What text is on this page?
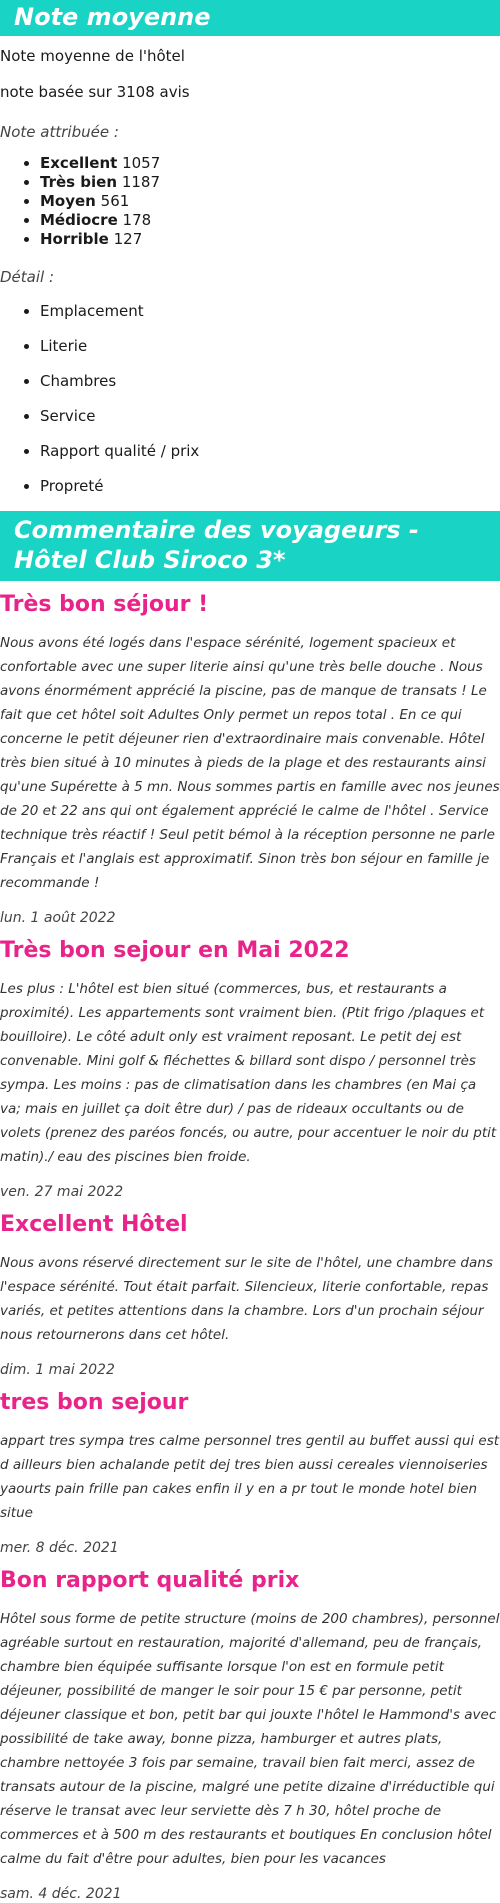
Note moyenne

Note moyenne de l'hôtel

note basée sur 3108 avis

Note attribuée :

• Excellent 1057
• Très bien 1187
• Moyen 561
• Médiocre 178
• Horrible 127

Détail :

• Emplacement
• Literie
• Chambres
• Service
• Rapport qualité / prix
• Propreté
Commentaire des voyageurs - Hôtel Club Siroco 3*
Très bon séjour !

Nous avons été logés dans l'espace sérénité, logement spacieux et confortable avec une super literie ainsi qu'une très belle douche . Nous avons énormément apprécié la piscine, pas de manque de transats ! Le fait que cet hôtel soit Adultes Only permet un repos total . En ce qui concerne le petit déjeuner rien d'extraordinaire mais convenable. Hôtel très bien situé à 10 minutes à pieds de la plage et des restaurants ainsi qu'une Supérette à 5 mn. Nous sommes partis en famille avec nos jeunes de 20 et 22 ans qui ont également apprécié le calme de l'hôtel . Service technique très réactif ! Seul petit bémol à la réception personne ne parle Français et l'anglais est approximatif. Sinon très bon séjour en famille je recommande !

lun. 1 août 2022

Très bon sejour en Mai 2022

Les plus : L'hôtel est bien situé (commerces, bus, et restaurants a proximité). Les appartements sont vraiment bien. (Ptit frigo /plaques et bouilloire). Le côté adult only est vraiment reposant. Le petit dej est convenable. Mini golf & fléchettes & billard sont dispo / personnel très sympa. Les moins : pas de climatisation dans les chambres (en Mai ça va; mais en juillet ça doit être dur) / pas de rideaux occultants ou de volets (prenez des paréos foncés, ou autre, pour accentuer le noir du ptit matin)./ eau des piscines bien froide.

ven. 27 mai 2022

Excellent Hôtel

Nous avons réservé directement sur le site de l'hôtel, une chambre dans l'espace sérénité. Tout était parfait. Silencieux, literie confortable, repas variés, et petites attentions dans la chambre. Lors d'un prochain séjour nous retournerons dans cet hôtel.

dim. 1 mai 2022

tres bon sejour

appart tres sympa tres calme personnel tres gentil au buffet aussi qui est d ailleurs bien achalande petit dej tres bien aussi cereales viennoiseries yaourts pain frille pan cakes enfin il y en a pr tout le monde hotel bien situe

mer. 8 déc. 2021

Bon rapport qualité prix

Hôtel sous forme de petite structure (moins de 200 chambres), personnel agréable surtout en restauration, majorité d'allemand, peu de français, chambre bien équipée suffisante lorsque l'on est en formule petit déjeuner, possibilité de manger le soir pour 15 € par personne, petit déjeuner classique et bon, petit bar qui jouxte l'hôtel le Hammond's avec possibilité de take away, bonne pizza, hamburger et autres plats, chambre nettoyée 3 fois par semaine, travail bien fait merci, assez de transats autour de la piscine, malgré une petite dizaine d'irréductible qui réserve le transat avec leur serviette dès 7 h 30, hôtel proche de commerces et à 500 m des restaurants et boutiques En conclusion hôtel calme du fait d'être pour adultes, bien pour les vacances

sam. 4 déc. 2021
